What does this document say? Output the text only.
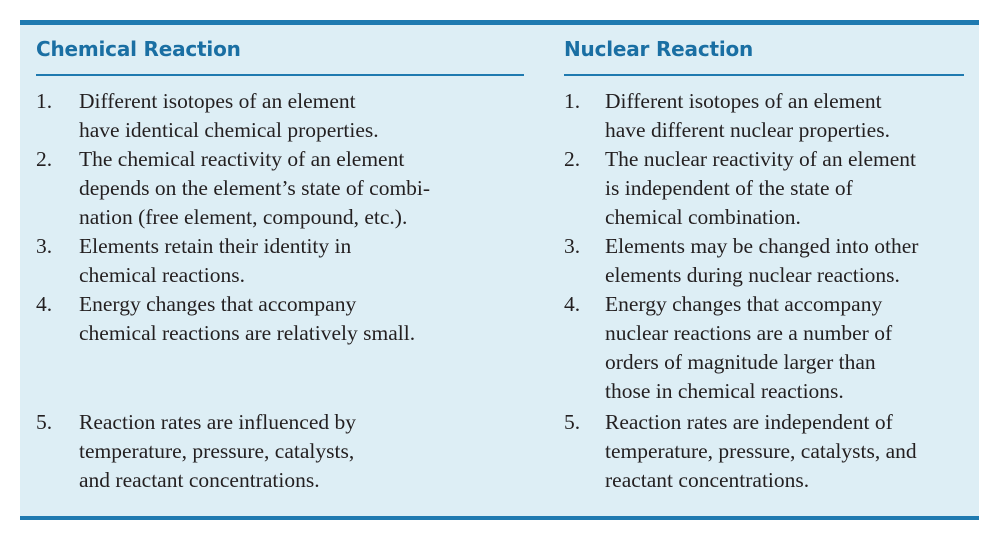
Chemical Reaction	Nuclear Reaction
1. Different isotopes of an element
have identical chemical properties.
2. The chemical reactivity of an element
depends on the element’s state of combi-
nation (free element, compound, etc.).
3. Elements retain their identity in
chemical reactions.
4. Energy changes that accompany
chemical reactions are relatively small.
5. Reaction rates are influenced by
temperature, pressure, catalysts,
and reactant concentrations.
1. Different isotopes of an element
have different nuclear properties.
2. The nuclear reactivity of an element
is independent of the state of
chemical combination.
3. Elements may be changed into other
elements during nuclear reactions.
4. Energy changes that accompany
nuclear reactions are a number of
orders of magnitude larger than
those in chemical reactions.
5. Reaction rates are independent of
temperature, pressure, catalysts, and
reactant concentrations.
